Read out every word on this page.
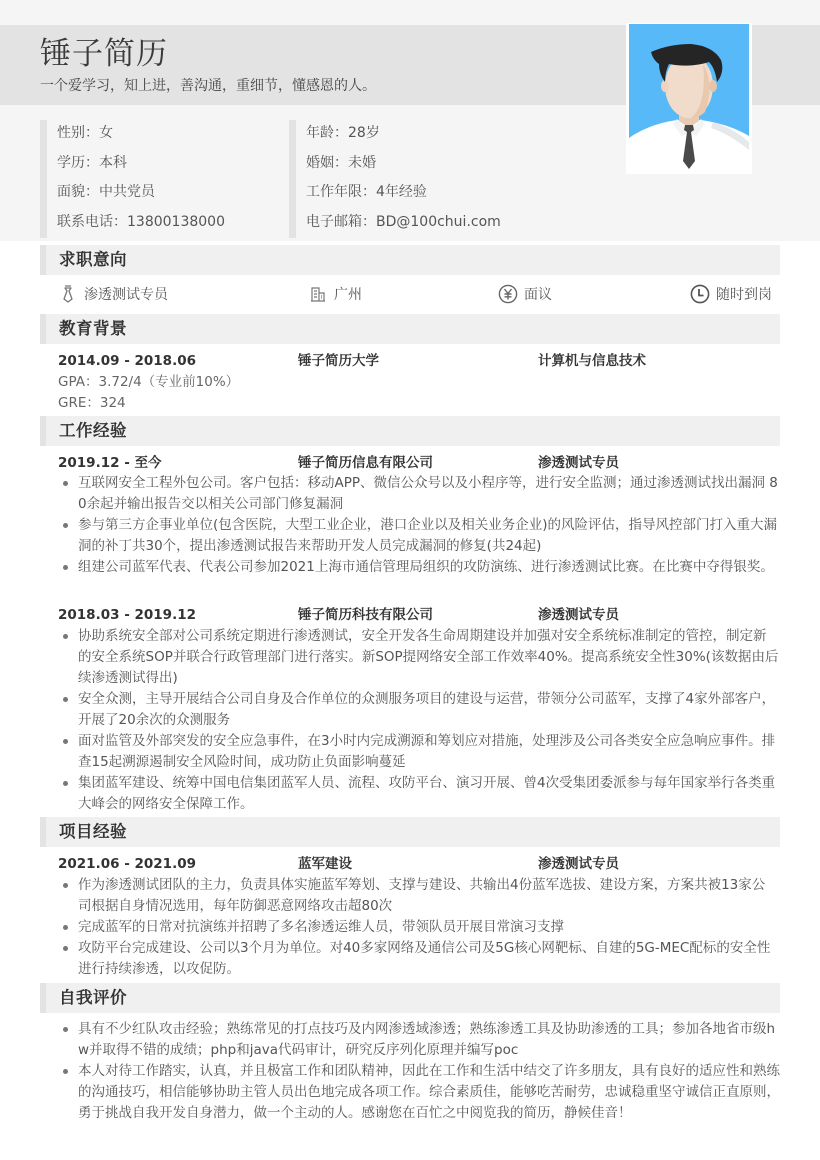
锤子简历
一个爱学习，知上进，善沟通，重细节，懂感恩的人。
性别：女
学历：本科
面貌：中共党员
联系电话：13800138000
年龄：28岁
婚姻：未婚
工作年限：4年经验
电子邮箱：BD@100chui.com
求职意向
渗透测试专员	广州	面议	随时到岗
教育背景
2014.09 - 2018.06	锤子简历大学	计算机与信息技术
GPA：3.72/4（专业前10%）
GRE：324
工作经验
2019.12 - 至今	锤子简历信息有限公司	渗透测试专员
互联网安全工程外包公司。客户包括：移动APP、微信公众号以及小程序等，进行安全监测；通过渗透测试找出漏洞 80余起并输出报告交以相关公司部门修复漏洞
参与第三方企事业单位(包含医院，大型工业企业，港口企业以及相关业务企业)的风险评估，指导风控部门打入重大漏洞的补丁共30个，提出渗透测试报告来帮助开发人员完成漏洞的修复(共24起)
组建公司蓝军代表、代表公司参加2021上海市通信管理局组织的攻防演练、进行渗透测试比赛。在比赛中夺得银奖。
2018.03 - 2019.12	锤子简历科技有限公司	渗透测试专员
协助系统安全部对公司系统定期进行渗透测试，安全开发各生命周期建设并加强对安全系统标准制定的管控，制定新 的安全系统SOP并联合行政管理部门进行落实。新SOP提网络安全部工作效率40%。提高系统安全性30%(该数据由后续渗透测试得出)
安全众测，主导开展结合公司自身及合作单位的众测服务项目的建设与运营，带领分公司蓝军，支撑了4家外部客户，开展了20余次的众测服务
面对监管及外部突发的安全应急事件，在3小时内完成溯源和筹划应对措施，处理涉及公司各类安全应急响应事件。排查15起溯源遏制安全风险时间，成功防止负面影响蔓延
集团蓝军建设、统筹中国电信集团蓝军人员、流程、攻防平台、演习开展、曾4次受集团委派参与每年国家举行各类重大峰会的网络安全保障工作。
项目经验
2021.06 - 2021.09	蓝军建设	渗透测试专员
作为渗透测试团队的主力，负责具体实施蓝军筹划、支撑与建设、共输出4份蓝军选拔、建设方案，方案共被13家公 司根据自身情况选用，每年防御恶意网络攻击超80次
完成蓝军的日常对抗演练并招聘了多名渗透运维人员，带领队员开展目常演习支撑
攻防平台完成建设、公司以3个月为单位。对40多家网络及通信公司及5G核心网靶标、自建的5G-MEC配标的安全性 进行持续渗透，以攻促防。
自我评价
具有不少红队攻击经验；熟练常见的打点技巧及内网渗透域渗透；熟练渗透工具及协助渗透的工具；参加各地省市级hw并取得不错的成绩；php和java代码审计，研究反序列化原理并编写poc
本人对待工作踏实，认真，并且极富工作和团队精神，因此在工作和生活中结交了许多朋友，具有良好的适应性和熟练的沟通技巧，相信能够协助主管人员出色地完成各项工作。综合素质佳，能够吃苦耐劳，忠诚稳重坚守诚信正直原则，勇于挑战自我开发自身潜力，做一个主动的人。感谢您在百忙之中阅览我的简历，静候佳音！
